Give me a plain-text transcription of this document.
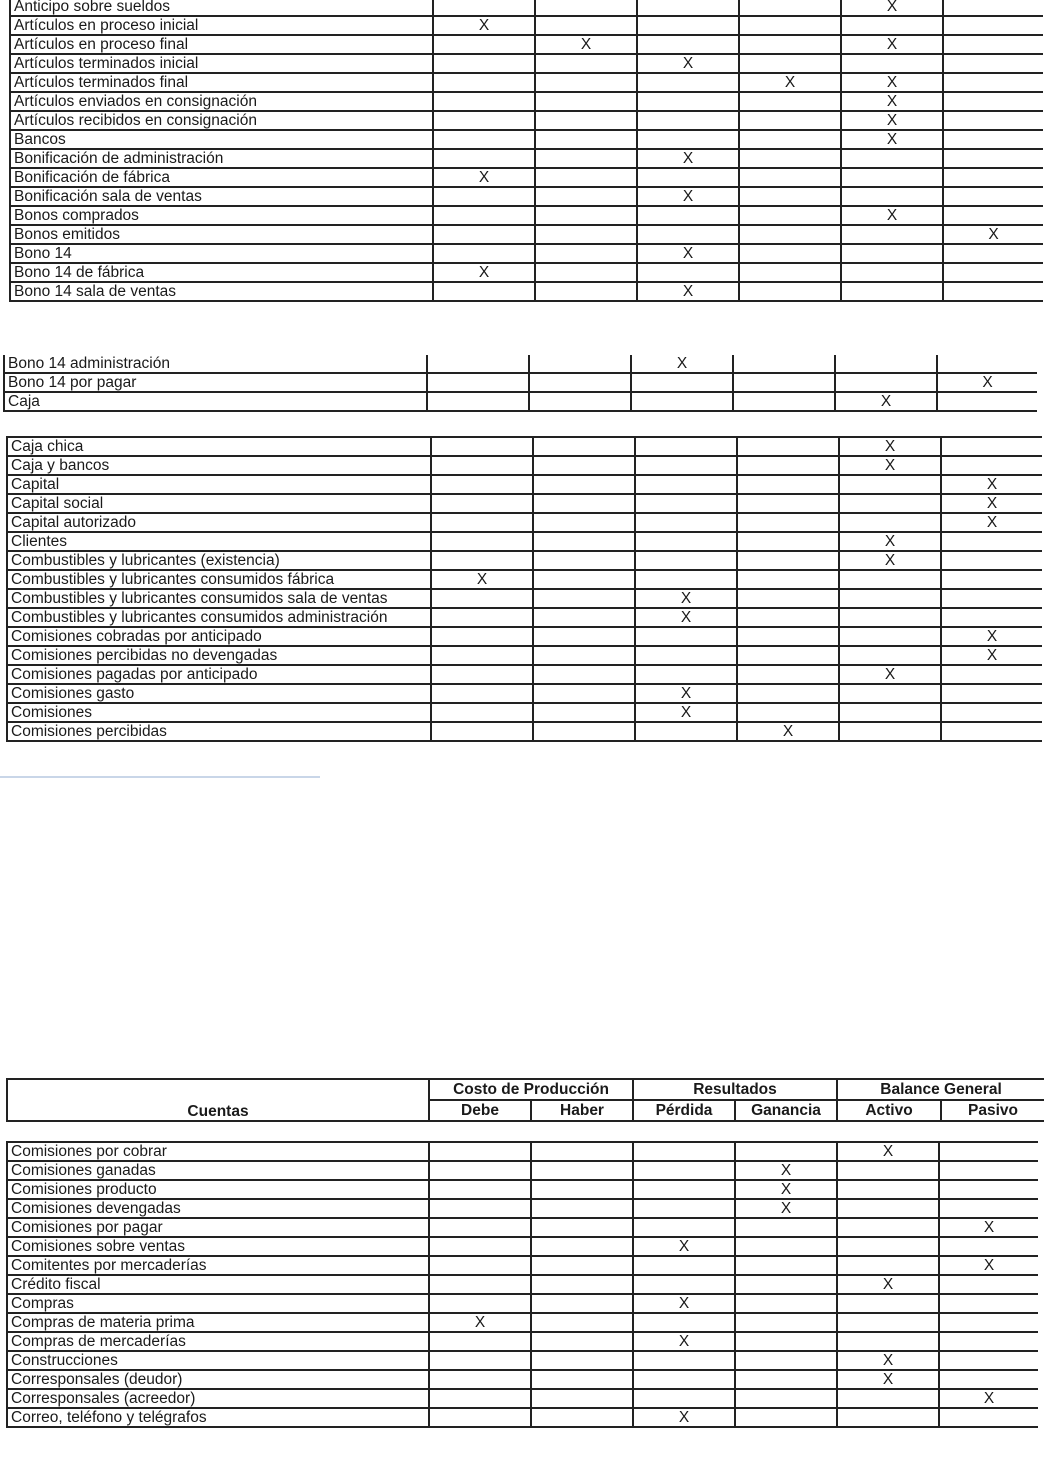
Anticipo sobre sueldos					X	
Artículos en proceso inicial	X					
Artículos en proceso final		X			X	
Artículos terminados inicial			X			
Artículos terminados final				X	X	
Artículos enviados en consignación					X	
Artículos recibidos en consignación					X	
Bancos					X	
Bonificación de administración			X			
Bonificación de fábrica	X					
Bonificación sala de ventas			X			
Bonos comprados					X	
Bonos emitidos						X
Bono 14			X			
Bono 14 de fábrica	X					
Bono 14 sala de ventas			X			
Bono 14 administración			X			
Bono 14 por pagar						X
Caja					X	
Caja chica					X	
Caja y bancos					X	
Capital						X
Capital social						X
Capital autorizado						X
Clientes					X	
Combustibles y lubricantes (existencia)					X	
Combustibles y lubricantes consumidos fábrica	X					
Combustibles y lubricantes consumidos sala de ventas			X			
Combustibles y lubricantes consumidos administración			X			
Comisiones cobradas por anticipado						X
Comisiones percibidas no devengadas						X
Comisiones pagadas por anticipado					X	
Comisiones gasto			X			
Comisiones			X			
Comisiones percibidas				X		
Cuentas	Costo de Producción		Resultados		Balance General	
	Debe	Haber	Pérdida	Ganancia	Activo	Pasivo
Comisiones por cobrar					X	
Comisiones ganadas				X		
Comisiones producto				X		
Comisiones devengadas				X		
Comisiones por pagar						X
Comisiones sobre ventas			X			
Comitentes por mercaderías						X
Crédito fiscal					X	
Compras			X			
Compras de materia prima	X					
Compras de mercaderías			X			
Construcciones					X	
Corresponsales (deudor)					X	
Corresponsales (acreedor)						X
Correo, teléfono y telégrafos			X			
